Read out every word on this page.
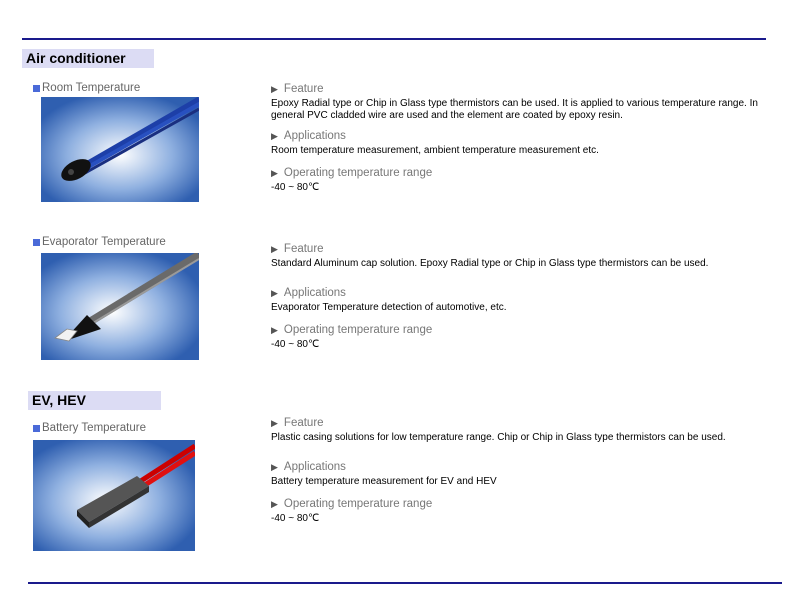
Air conditioner
Room Temperature	▶ Feature

Epoxy Radial type or Chip in Glass type thermistors can be used. It is applied to various temperature range. In general PVC cladded wire are used and the element are coated by epoxy resin.

▶ Applications

Room temperature measurement, ambient temperature measurement etc.

▶ Operating temperature range

-40 ~ 80℃

Evaporator Temperature

▶ Feature

Standard Aluminum cap solution. Epoxy Radial type or Chip in Glass type thermistors can be used.

▶ Applications

Evaporator Temperature detection of automotive, etc.

▶ Operating temperature range

-40 ~ 80℃

EV, HEV
Battery Temperature	▶ Feature

Plastic casing solutions for low temperature range. Chip or Chip in Glass type thermistors can be used.

▶ Applications

Battery temperature measurement for EV and HEV

▶ Operating temperature range

-40 ~ 80℃
